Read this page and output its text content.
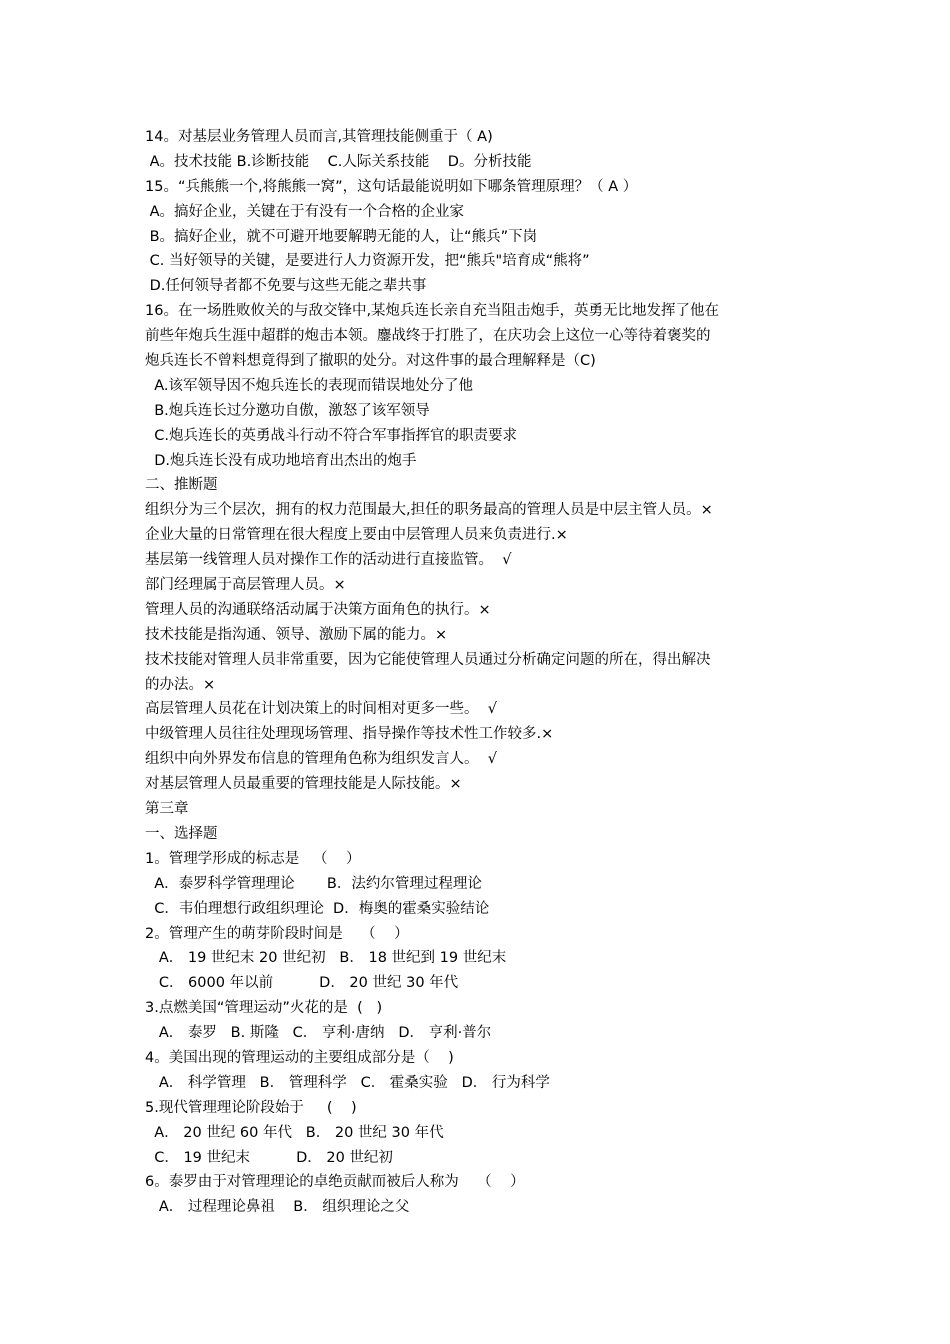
14。对基层业务管理人员而言,其管理技能侧重于（ A)
A。技术技能 B.诊断技能    C.人际关系技能    D。分析技能
15。“兵熊熊一个,将熊熊一窝”，这句话最能说明如下哪条管理原理？（ A ）
A。搞好企业，关键在于有没有一个合格的企业家
B。搞好企业，就不可避开地要解聘无能的人，让“熊兵”下岗
C. 当好领导的关键，是要进行人力资源开发，把“熊兵"培育成“熊将”
D.任何领导者都不免要与这些无能之辈共事
16。在一场胜败攸关的与敌交锋中,某炮兵连长亲自充当阻击炮手，英勇无比地发挥了他在
前些年炮兵生涯中超群的炮击本领。鏖战终于打胜了，在庆功会上这位一心等待着褒奖的
炮兵连长不曾料想竟得到了撤职的处分。对这件事的最合理解释是（C)
A.该军领导因不炮兵连长的表现而错误地处分了他
B.炮兵连长过分邀功自傲，激怒了该军领导
C.炮兵连长的英勇战斗行动不符合军事指挥官的职责要求
D.炮兵连长没有成功地培育出杰出的炮手
二、推断题
组织分为三个层次，拥有的权力范围最大,担任的职务最高的管理人员是中层主管人员。×
企业大量的日常管理在很大程度上要由中层管理人员来负责进行.×
基层第一线管理人员对操作工作的活动进行直接监管。  √
部门经理属于高层管理人员。×
管理人员的沟通联络活动属于决策方面角色的执行。×
技术技能是指沟通、领导、激励下属的能力。×
技术技能对管理人员非常重要，因为它能使管理人员通过分析确定问题的所在，得出解决
的办法。×
高层管理人员花在计划决策上的时间相对更多一些。  √
中级管理人员往往处理现场管理、指导操作等技术性工作较多.×
组织中向外界发布信息的管理角色称为组织发言人。  √
对基层管理人员最重要的管理技能是人际技能。×
第三章
一、选择题
1。管理学形成的标志是   （    ）
A．泰罗科学管理理论       B．法约尔管理过程理论
C．韦伯理想行政组织理论  D．梅奥的霍桑实验结论
2。管理产生的萌芽阶段时间是    （    ）
A． 19 世纪末 20 世纪初   B． 18 世纪到 19 世纪末
C． 6000 年以前          D． 20 世纪 30 年代
3.点燃美国“管理运动”火花的是  (   )
A． 泰罗   B. 斯隆   C． 亨利·唐纳   D． 亨利·普尔
4。美国出现的管理运动的主要组成部分是（    )
A． 科学管理   B． 管理科学   C． 霍桑实验   D． 行为科学
5.现代管理理论阶段始于     (    )
A． 20 世纪 60 年代   B． 20 世纪 30 年代
C． 19 世纪末          D． 20 世纪初
6。泰罗由于对管理理论的卓绝贡献而被后人称为    （    ）
A． 过程理论鼻祖    B． 组织理论之父
